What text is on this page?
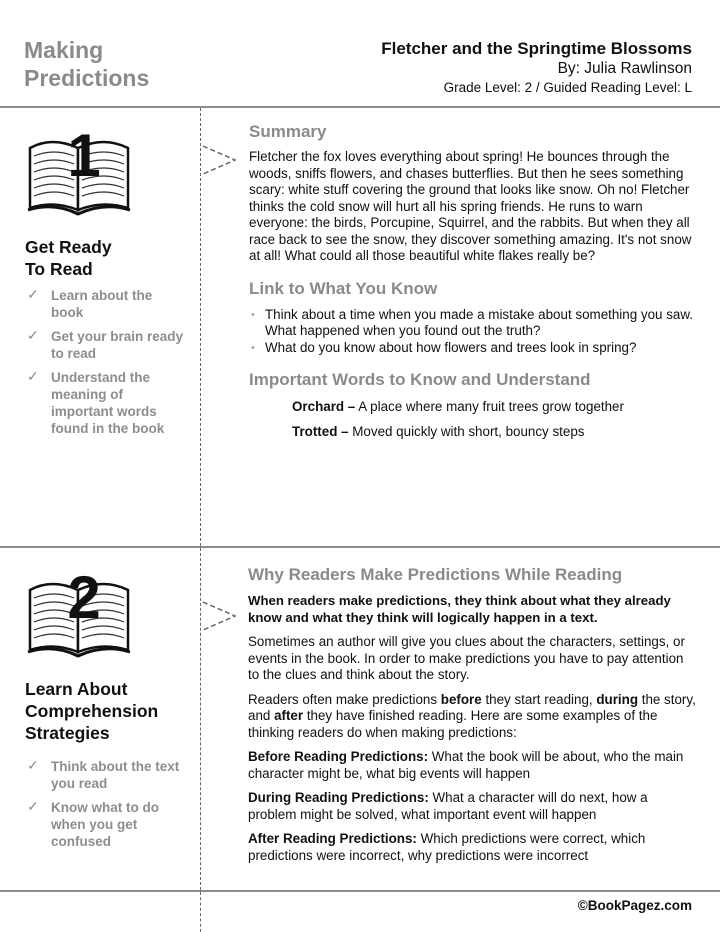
Making
Predictions
Fletcher and the Springtime Blossoms
By: Julia Rawlinson
Grade Level: 2 / Guided Reading Level: L
1
Get Ready
To Read
✓ Learn about the book
✓ Get your brain ready to read
✓ Understand the meaning of important words found in the book
Summary
Fletcher the fox loves everything about spring! He bounces through the woods, sniffs flowers, and chases butterflies. But then he sees something scary: white stuff covering the ground that looks like snow. Oh no! Fletcher thinks the cold snow will hurt all his spring friends. He runs to warn everyone: the birds, Porcupine, Squirrel, and the rabbits. But when they all race back to see the snow, they discover something amazing. It's not snow at all! What could all those beautiful white flakes really be?
Link to What You Know
• Think about a time when you made a mistake about something you saw. What happened when you found out the truth?
• What do you know about how flowers and trees look in spring?
Important Words to Know and Understand
Orchard – A place where many fruit trees grow together
Trotted – Moved quickly with short, bouncy steps
2
Learn About
Comprehension
Strategies
✓ Think about the text you read
✓ Know what to do when you get confused
Why Readers Make Predictions While Reading
When readers make predictions, they think about what they already know and what they think will logically happen in a text.
Sometimes an author will give you clues about the characters, settings, or events in the book. In order to make predictions you have to pay attention to the clues and think about the story.
Readers often make predictions before they start reading, during the story, and after they have finished reading. Here are some examples of the thinking readers do when making predictions:
Before Reading Predictions: What the book will be about, who the main character might be, what big events will happen
During Reading Predictions: What a character will do next, how a problem might be solved, what important event will happen
After Reading Predictions: Which predictions were correct, which predictions were incorrect, why predictions were incorrect
©BookPagez.com
